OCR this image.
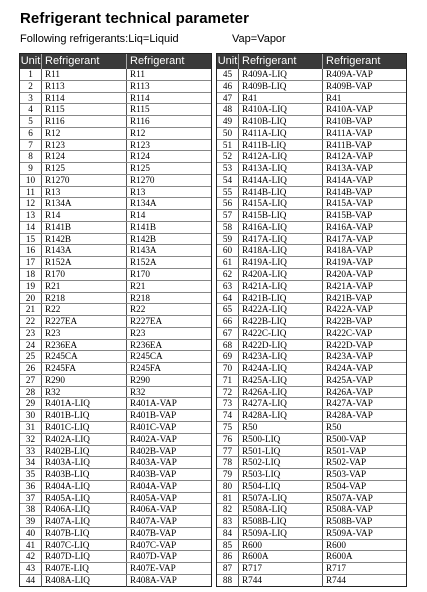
Refrigerant technical parameter
Following refrigerants:Liq=Liquid	Vap=Vapor
Unit Refrigerant	Refrigerant
1	R11	R11
2	R113	R113
3	R114	R114
4	R115	R115
5	R116	R116
6	R12	R12
7	R123	R123
8	R124	R124
9	R125	R125
10	R1270	R1270
11	R13	R13
12	R134A	R134A
13	R14	R14
14	R141B	R141B
15	R142B	R142B
16	R143A	R143A
17	R152A	R152A
18	R170	R170
19	R21	R21
20	R218	R218
21	R22	R22
22	R227EA	R227EA
23	R23	R23
24	R236EA	R236EA
25	R245CA	R245CA
26	R245FA	R245FA
27	R290	R290
28	R32	R32
29	R401A-LIQ	R401A-VAP
30	R401B-LIQ	R401B-VAP
31	R401C-LIQ	R401C-VAP
32	R402A-LIQ	R402A-VAP
33	R402B-LIQ	R402B-VAP
34	R403A-LIQ	R403A-VAP
35	R403B-LIQ	R403B-VAP
36	R404A-LIQ	R404A-VAP
37	R405A-LIQ	R405A-VAP
38	R406A-LIQ	R406A-VAP
39	R407A-LIQ	R407A-VAP
40	R407B-LIQ	R407B-VAP
41	R407C-LIQ	R407C-VAP
42	R407D-LIQ	R407D-VAP
43	R407E-LIQ	R407E-VAP
44	R408A-LIQ	R408A-VAP
Unit Refrigerant	Refrigerant
45	R409A-LIQ	R409A-VAP
46	R409B-LIQ	R409B-VAP
47	R41	R41
48	R410A-LIQ	R410A-VAP
49	R410B-LIQ	R410B-VAP
50	R411A-LIQ	R411A-VAP
51	R411B-LIQ	R411B-VAP
52	R412A-LIQ	R412A-VAP
53	R413A-LIQ	R413A-VAP
54	R414A-LIQ	R414A-VAP
55	R414B-LIQ	R414B-VAP
56	R415A-LIQ	R415A-VAP
57	R415B-LIQ	R415B-VAP
58	R416A-LIQ	R416A-VAP
59	R417A-LIQ	R417A-VAP
60	R418A-LIQ	R418A-VAP
61	R419A-LIQ	R419A-VAP
62	R420A-LIQ	R420A-VAP
63	R421A-LIQ	R421A-VAP
64	R421B-LIQ	R421B-VAP
65	R422A-LIQ	R422A-VAP
66	R422B-LIQ	R422B-VAP
67	R422C-LIQ	R422C-VAP
68	R422D-LIQ	R422D-VAP
69	R423A-LIQ	R423A-VAP
70	R424A-LIQ	R424A-VAP
71	R425A-LIQ	R425A-VAP
72	R426A-LIQ	R426A-VAP
73	R427A-LIQ	R427A-VAP
74	R428A-LIQ	R428A-VAP
75	R50	R50
76	R500-LIQ	R500-VAP
77	R501-LIQ	R501-VAP
78	R502-LIQ	R502-VAP
79	R503-LIQ	R503-VAP
80	R504-LIQ	R504-VAP
81	R507A-LIQ	R507A-VAP
82	R508A-LIQ	R508A-VAP
83	R508B-LIQ	R508B-VAP
84	R509A-LIQ	R509A-VAP
85	R600	R600
86	R600A	R600A
87	R717	R717
88	R744	R744
